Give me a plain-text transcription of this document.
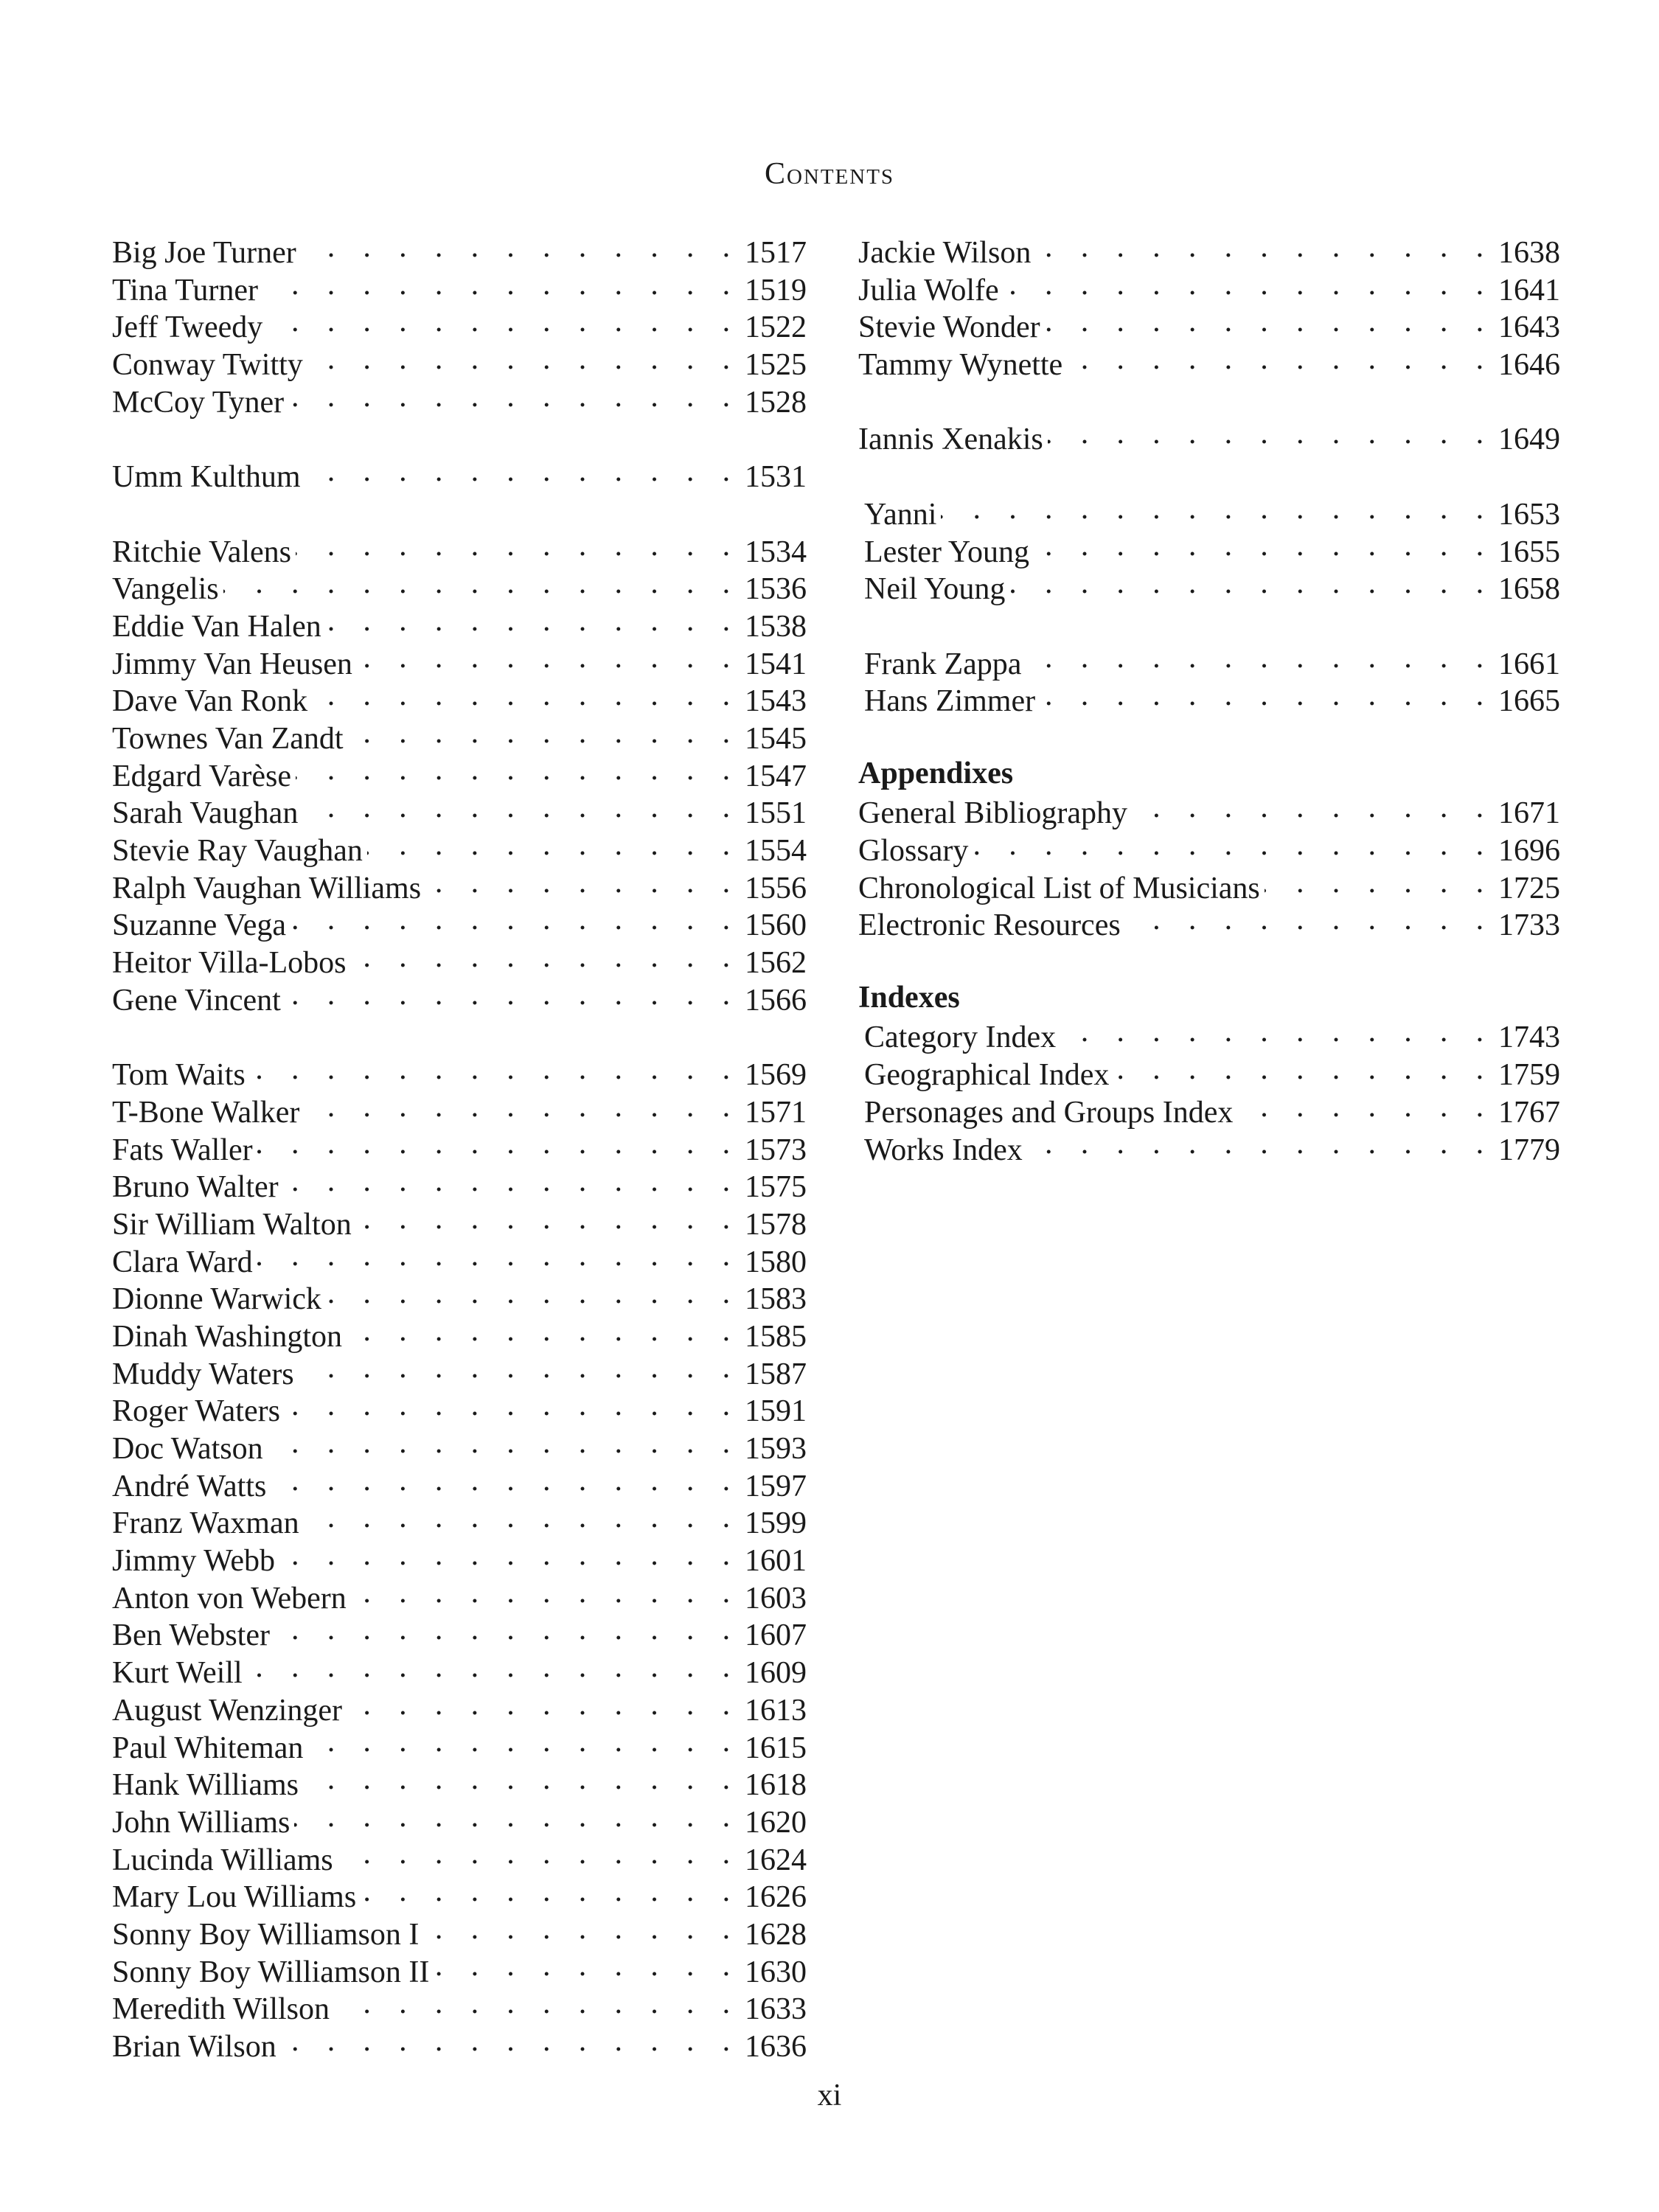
Contents
Big Joe Turner . . .	1517
Tina Turner . . .	1519
Jeff Tweedy . . .	1522
Conway Twitty . . .	1525
McCoy Tyner . . .	1528
Umm Kulthum . . .	1531
Ritchie Valens . . .	1534
Vangelis . . .	1536
Eddie Van Halen . . .	1538
Jimmy Van Heusen . . .	1541
Dave Van Ronk . . .	1543
Townes Van Zandt . . .	1545
Edgard Varèse . . .	1547
Sarah Vaughan . . .	1551
Stevie Ray Vaughan . . .	1554
Ralph Vaughan Williams . . .	1556
Suzanne Vega . . .	1560
Heitor Villa-Lobos . . .	1562
Gene Vincent . . .	1566
Tom Waits . . .	1569
T-Bone Walker . . .	1571
Fats Waller . . .	1573
Bruno Walter . . .	1575
Sir William Walton . . .	1578
Clara Ward . . .	1580
Dionne Warwick . . .	1583
Dinah Washington . . .	1585
Muddy Waters . . .	1587
Roger Waters . . .	1591
Doc Watson . . .	1593
André Watts . . .	1597
Franz Waxman . . .	1599
Jimmy Webb . . .	1601
Anton von Webern . . .	1603
Ben Webster . . .	1607
Kurt Weill . . .	1609
August Wenzinger . . .	1613
Paul Whiteman . . .	1615
Hank Williams . . .	1618
John Williams . . .	1620
Lucinda Williams . . .	1624
Mary Lou Williams . . .	1626
Sonny Boy Williamson I . . .	1628
Sonny Boy Williamson II . . .	1630
Meredith Willson . . .	1633
Brian Wilson . . .	1636
Jackie Wilson . . .	1638
Julia Wolfe . . .	1641
Stevie Wonder . . .	1643
Tammy Wynette . . .	1646
Iannis Xenakis . . .	1649
Yanni . . .	1653
Lester Young . . .	1655
Neil Young . . .	1658
Frank Zappa . . .	1661
Hans Zimmer . . .	1665
Appendixes
General Bibliography . . .	1671
Glossary . . .	1696
Chronological List of Musicians . . .	1725
Electronic Resources . . .	1733
Indexes
Category Index . . .	1743
Geographical Index . . .	1759
Personages and Groups Index . . .	1767
Works Index . . .	1779
xi
